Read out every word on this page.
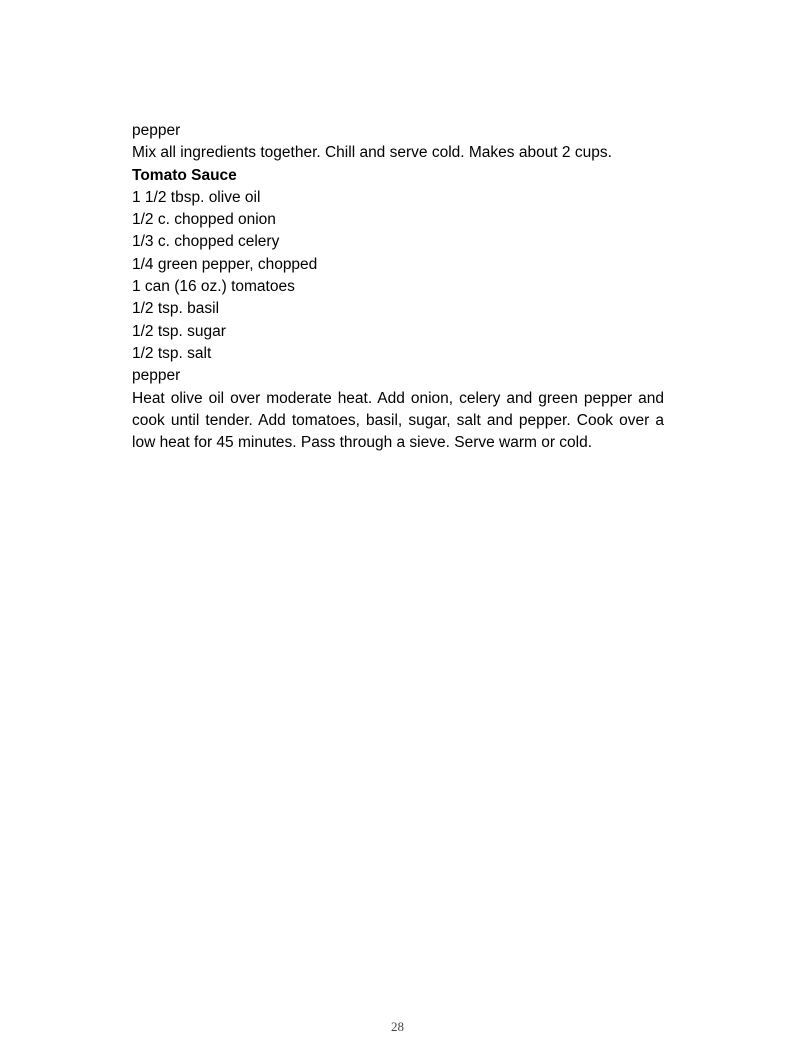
pepper

Mix all ingredients together. Chill and serve cold. Makes about 2 cups.

Tomato Sauce

1 1/2 tbsp. olive oil

1/2 c. chopped onion

1/3 c. chopped celery

1/4 green pepper, chopped

1 can (16 oz.) tomatoes

1/2 tsp. basil

1/2 tsp. sugar

1/2 tsp. salt

pepper

Heat olive oil over moderate heat. Add onion, celery and green pepper and cook until tender. Add tomatoes, basil, sugar, salt and pepper. Cook over a low heat for 45 minutes. Pass through a sieve. Serve warm or cold.

28
